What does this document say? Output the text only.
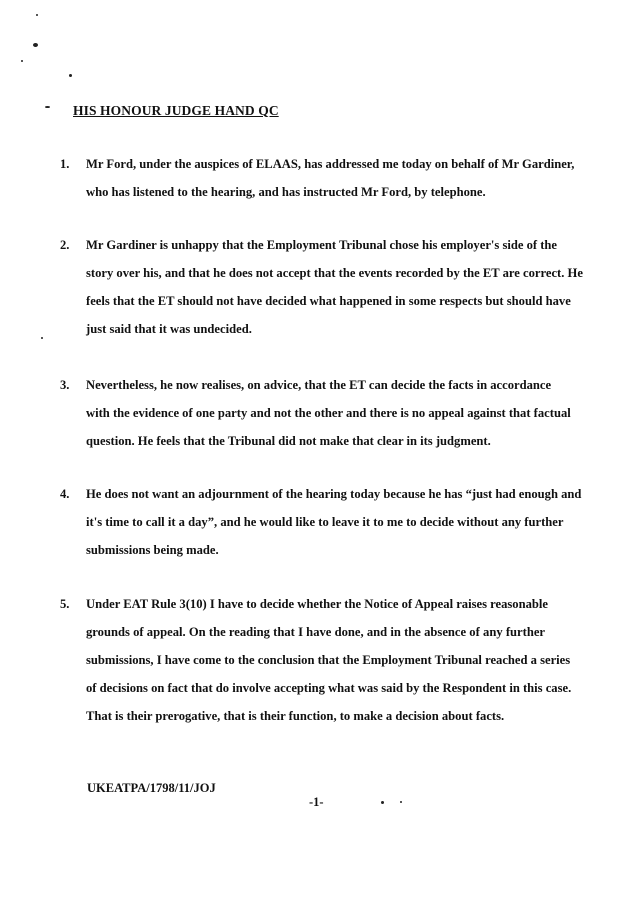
HIS HONOUR JUDGE HAND QC
1. Mr Ford, under the auspices of ELAAS, has addressed me today on behalf of Mr Gardiner,
who has listened to the hearing, and has instructed Mr Ford, by telephone.
2. Mr Gardiner is unhappy that the Employment Tribunal chose his employer's side of the
story over his, and that he does not accept that the events recorded by the ET are correct. He
feels that the ET should not have decided what happened in some respects but should have
just said that it was undecided.
3. Nevertheless, he now realises, on advice, that the ET can decide the facts in accordance
with the evidence of one party and not the other and there is no appeal against that factual
question. He feels that the Tribunal did not make that clear in its judgment.
4. He does not want an adjournment of the hearing today because he has “just had enough and
it's time to call it a day”, and he would like to leave it to me to decide without any further
submissions being made.
5. Under EAT Rule 3(10) I have to decide whether the Notice of Appeal raises reasonable
grounds of appeal. On the reading that I have done, and in the absence of any further
submissions, I have come to the conclusion that the Employment Tribunal reached a series
of decisions on fact that do involve accepting what was said by the Respondent in this case.
That is their prerogative, that is their function, to make a decision about facts.
UKEATPA/1798/11/JOJ
-1-
